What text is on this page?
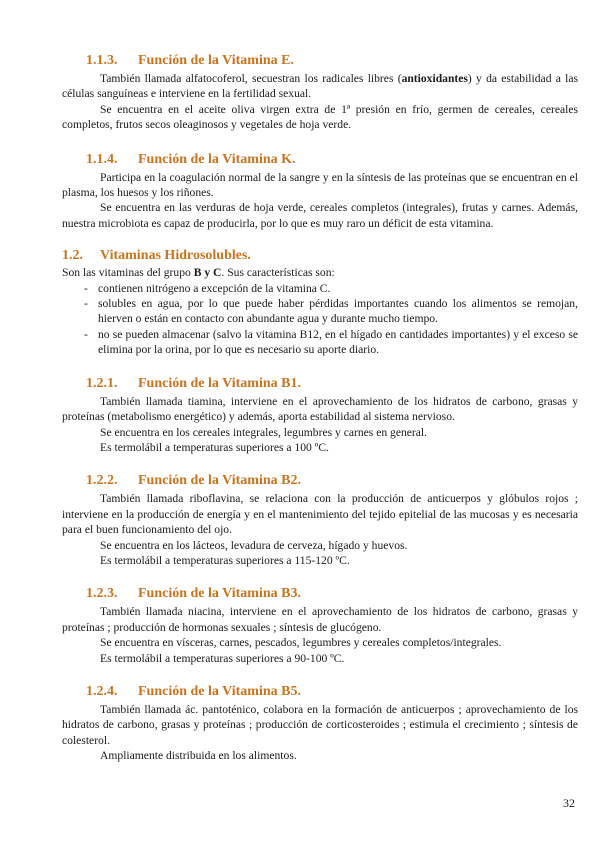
1.1.3. Función de la Vitamina E.

También llamada alfatocoferol, secuestran los radicales libres (antioxidantes) y da estabilidad a las células sanguíneas e interviene en la fertilidad sexual.

Se encuentra en el aceite oliva virgen extra de 1ª presión en frío, germen de cereales, cereales completos, frutos secos oleaginosos y vegetales de hoja verde.

1.1.4. Función de la Vitamina K.

Participa en la coagulación normal de la sangre y en la síntesis de las proteínas que se encuentran en el plasma, los huesos y los riñones.

Se encuentra en las verduras de hoja verde, cereales completos (integrales), frutas y carnes. Además, nuestra microbiota es capaz de producirla, por lo que es muy raro un déficit de esta vitamina.

1.2. Vitaminas Hidrosolubles.

Son las vitaminas del grupo B y C. Sus características son:

- contienen nitrógeno a excepción de la vitamina C.
- solubles en agua, por lo que puede haber pérdidas importantes cuando los alimentos se remojan, hierven o están en contacto con abundante agua y durante mucho tiempo.
- no se pueden almacenar (salvo la vitamina B12, en el hígado en cantidades importantes) y el exceso se elimina por la orina, por lo que es necesario su aporte diario.
1.2.1. Función de la Vitamina B1.

También llamada tiamina, interviene en el aprovechamiento de los hidratos de carbono, grasas y proteínas (metabolismo energético) y además, aporta estabilidad al sistema nervioso.

Se encuentra en los cereales integrales, legumbres y carnes en general.

Es termolábil a temperaturas superiores a 100 ºC.

1.2.2. Función de la Vitamina B2.

También llamada riboflavina, se relaciona con la producción de anticuerpos y glóbulos rojos ; interviene en la producción de energía y en el mantenimiento del tejido epitelial de las mucosas y es necesaria para el buen funcionamiento del ojo.

Se encuentra en los lácteos, levadura de cerveza, hígado y huevos.

Es termolábil a temperaturas superiores a 115-120 ºC.

1.2.3. Función de la Vitamina B3.

También llamada niacina, interviene en el aprovechamiento de los hidratos de carbono, grasas y proteínas ; producción de hormonas sexuales ; síntesis de glucógeno.

Se encuentra en vísceras, carnes, pescados, legumbres y cereales completos/integrales.

Es termolábil a temperaturas superiores a 90-100 ºC.

1.2.4. Función de la Vitamina B5.

También llamada ác. pantoténico, colabora en la formación de anticuerpos ; aprovechamiento de los hidratos de carbono, grasas y proteínas ; producción de corticosteroides ; estimula el crecimiento ; síntesis de colesterol.

Ampliamente distribuida en los alimentos.

32
